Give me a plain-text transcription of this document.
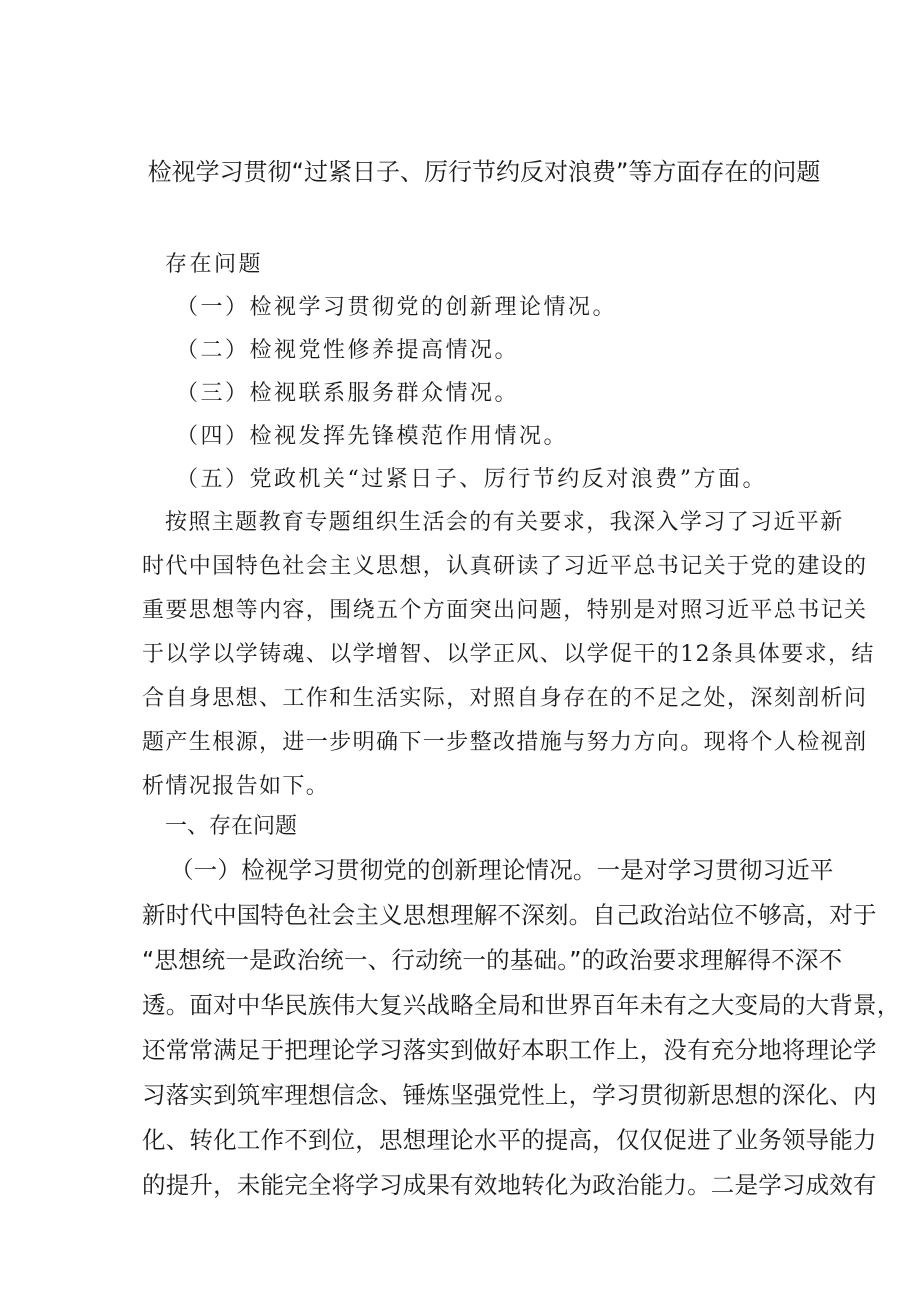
检视学习贯彻“过紧日子、厉行节约反对浪费”等方面存在的问题
存在问题
（一）检视学习贯彻党的创新理论情况。
（二）检视党性修养提高情况。
（三）检视联系服务群众情况。
（四）检视发挥先锋模范作用情况。
（五）党政机关“过紧日子、厉行节约反对浪费”方面。
按照主题教育专题组织生活会的有关要求，我深入学习了习近平新
时代中国特色社会主义思想，认真研读了习近平总书记关于党的建设的
重要思想等内容，围绕五个方面突出问题，特别是对照习近平总书记关
于以学以学铸魂、以学增智、以学正风、以学促干的12条具体要求，结
合自身思想、工作和生活实际，对照自身存在的不足之处，深刻剖析问
题产生根源，进一步明确下一步整改措施与努力方向。现将个人检视剖
析情况报告如下。
一、存在问题
（一）检视学习贯彻党的创新理论情况。一是对学习贯彻习近平
新时代中国特色社会主义思想理解不深刻。自己政治站位不够高，对于
“思想统一是政治统一、行动统一的基础。”的政治要求理解得不深不
透。面对中华民族伟大复兴战略全局和世界百年未有之大变局的大背景，
还常常满足于把理论学习落实到做好本职工作上，没有充分地将理论学
习落实到筑牢理想信念、锤炼坚强党性上，学习贯彻新思想的深化、内
化、转化工作不到位，思想理论水平的提高，仅仅促进了业务领导能力
的提升，未能完全将学习成果有效地转化为政治能力。二是学习成效有
